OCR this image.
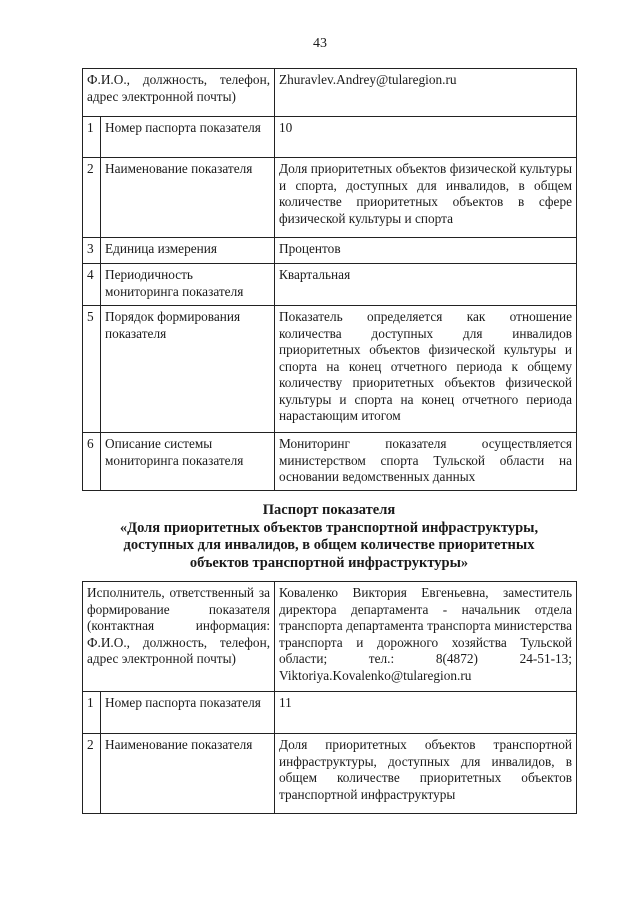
43
Ф.И.О., должность, телефон, адрес электронной почты)		Zhuravlev.Andrey@tularegion.ru
1	Номер паспорта показателя	10
2	Наименование показателя	Доля приоритетных объектов физической культуры и спорта, доступных для инвалидов, в общем количестве приоритетных объектов в сфере физической культуры и спорта
3	Единица измерения	Процентов
4	Периодичность мониторинга показателя	Квартальная
5	Порядок формирования показателя	Показатель определяется как отношение количества доступных для инвалидов приоритетных объектов физической культуры и спорта на конец отчетного периода к общему количеству приоритетных объектов физической культуры и спорта на конец отчетного периода нарастающим итогом
6	Описание системы мониторинга показателя	Мониторинг показателя осуществляется министерством спорта Тульской области на основании ведомственных данных
Паспорт показателя
«Доля приоритетных объектов транспортной инфраструктуры,
доступных для инвалидов, в общем количестве приоритетных
объектов транспортной инфраструктуры»
Исполнитель, ответственный за формирование показателя (контактная информация: Ф.И.О., должность, телефон, адрес электронной почты)		Коваленко Виктория Евгеньевна, заместитель директора департамента - начальник отдела транспорта департамента транспорта министерства транспорта и дорожного хозяйства Тульской области; тел.: 8(4872) 24-51-13; Viktoriya.Kovalenko@tularegion.ru
1	Номер паспорта показателя	11
2	Наименование показателя	Доля приоритетных объектов транспортной инфраструктуры, доступных для инвалидов, в общем количестве приоритетных объектов транспортной инфраструктуры
